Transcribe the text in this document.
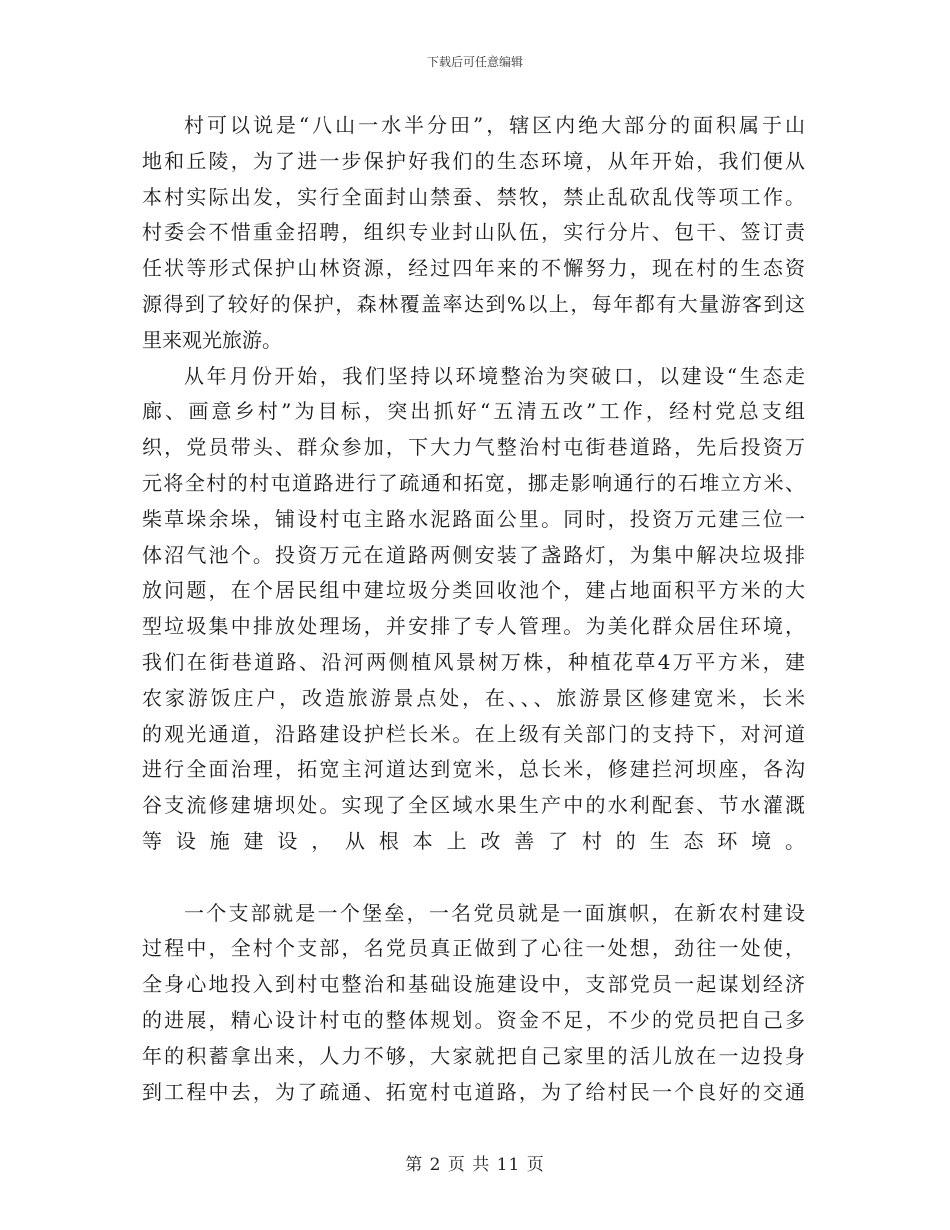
下载后可任意编辑
村可以说是“八山一水半分田”，辖区内绝大部分的面积属于山
地和丘陵，为了进一步保护好我们的生态环境，从年开始，我们便从
本村实际出发，实行全面封山禁蚕、禁牧，禁止乱砍乱伐等项工作。
村委会不惜重金招聘，组织专业封山队伍，实行分片、包干、签订责
任状等形式保护山林资源，经过四年来的不懈努力，现在村的生态资
源得到了较好的保护，森林覆盖率达到%以上，每年都有大量游客到这
里来观光旅游。
从年月份开始，我们坚持以环境整治为突破口，以建设“生态走
廊、画意乡村”为目标，突出抓好“五清五改”工作，经村党总支组
织，党员带头、群众参加，下大力气整治村屯街巷道路，先后投资万
元将全村的村屯道路进行了疏通和拓宽，挪走影响通行的石堆立方米、
柴草垛余垛，铺设村屯主路水泥路面公里。同时，投资万元建三位一
体沼气池个。投资万元在道路两侧安装了盏路灯，为集中解决垃圾排
放问题，在个居民组中建垃圾分类回收池个，建占地面积平方米的大
型垃圾集中排放处理场，并安排了专人管理。为美化群众居住环境，
我们在街巷道路、沿河两侧植风景树万株，种植花草4万平方米，建
农家游饭庄户，改造旅游景点处，在、、、旅游景区修建宽米，长米
的观光通道，沿路建设护栏长米。在上级有关部门的支持下，对河道
进行全面治理，拓宽主河道达到宽米，总长米，修建拦河坝座，各沟
谷支流修建塘坝处。实现了全区域水果生产中的水利配套、节水灌溉
等设施建设，从根本上改善了村的生态环境。
一个支部就是一个堡垒，一名党员就是一面旗帜，在新农村建设
过程中，全村个支部，名党员真正做到了心往一处想，劲往一处使，
全身心地投入到村屯整治和基础设施建设中，支部党员一起谋划经济
的进展，精心设计村屯的整体规划。资金不足，不少的党员把自己多
年的积蓄拿出来，人力不够，大家就把自己家里的活儿放在一边投身
到工程中去，为了疏通、拓宽村屯道路，为了给村民一个良好的交通
第 2 页 共 11 页
